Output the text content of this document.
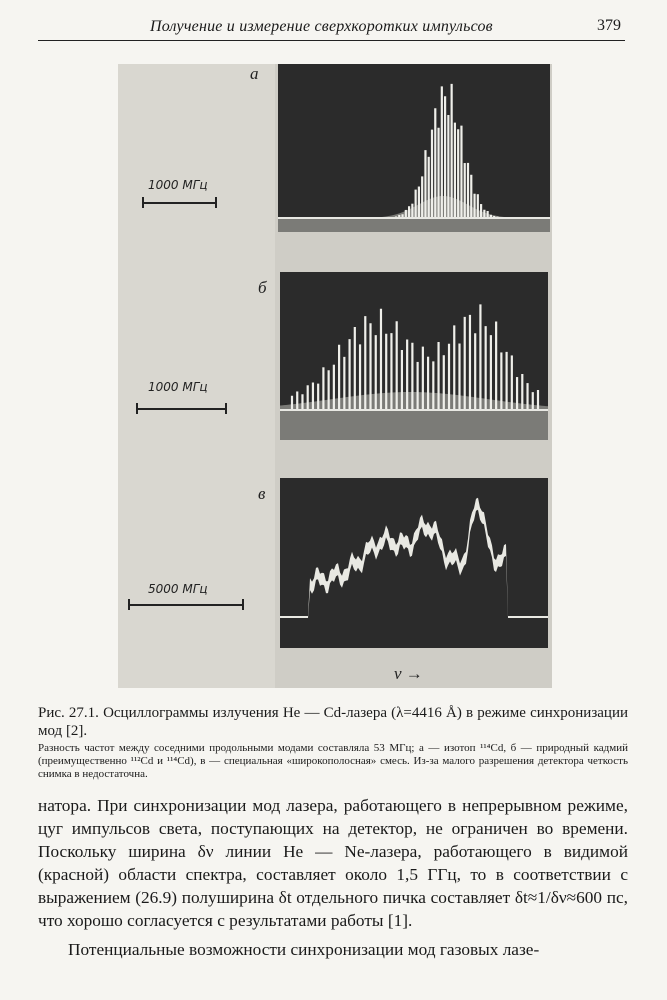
Получение и измерение сверхкоротких импульсов	379
а
б
в
1000 МГц
1000 МГц
5000 МГц
ν →
Рис. 27.1. Осциллограммы излучения He — Cd-лазера (λ=4416 Å) в режиме синхронизации мод [2].
Разность частот между соседними продольными модами составляла 53 МГц; а — изотоп ¹¹⁴Cd, б — природный кадмий (преимущественно ¹¹²Cd и ¹¹⁴Cd), в — специальная «широкополосная» смесь. Из-за малого разрешения детектора четкость снимка в недостаточна.

натора. При синхронизации мод лазера, работающего в непрерывном режиме, цуг импульсов света, поступающих на детектор, не ограничен во времени. Поскольку ширина δν линии He — Ne-лазера, работающего в видимой (красной) области спектра, составляет около 1,5 ГГц, то в соответствии с выражением (26.9) полуширина δt отдельного пичка составляет δt≈1/δν≈600 пс, что хорошо согласуется с результатами работы [1].

Потенциальные возможности синхронизации мод газовых лазе-
